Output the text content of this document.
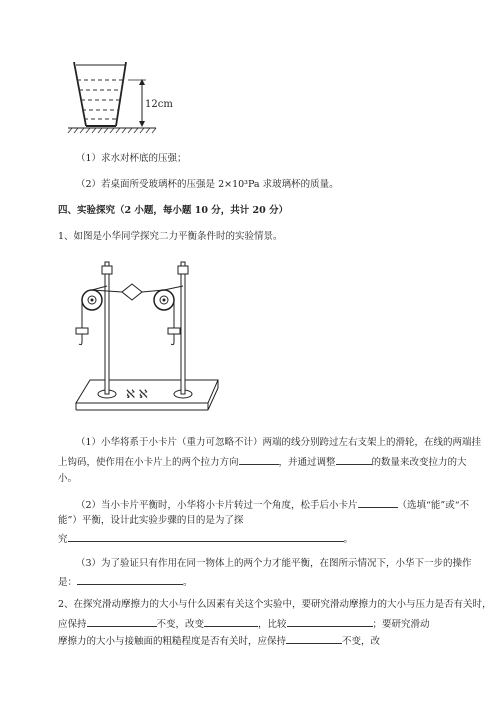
12cm
（1）求水对杯底的压强；
（2）若桌面所受玻璃杯的压强是 2×10³Pa 求玻璃杯的质量。
四、实验探究（2 小题，每小题 10 分，共计 20 分）
1、如图是小华同学探究二力平衡条件时的实验情景。
ℵ ℵ
（1）小华将系于小卡片（重力可忽略不计）两端的线分别跨过左右支架上的滑轮，在线的两端挂
上钩码，使作用在小卡片上的两个拉力方向	，并通过调整	的数量来改变拉力的大
小。
（2）当小卡片平衡时，小华将小卡片转过一个角度，松手后小卡片	（选填“能”或“不
能”）平衡，设计此实验步骤的目的是为了探
究	。
（3）为了验证只有作用在同一物体上的两个力才能平衡，在图所示情况下，小华下一步的操作
是：	。
2、在探究滑动摩擦力的大小与什么因素有关这个实验中，要研究滑动摩擦力的大小与压力是否有关时，
应保持	不变，改变	，比较	；要研究滑动
摩擦力的大小与接触面的粗糙程度是否有关时，应保持	不变，改
